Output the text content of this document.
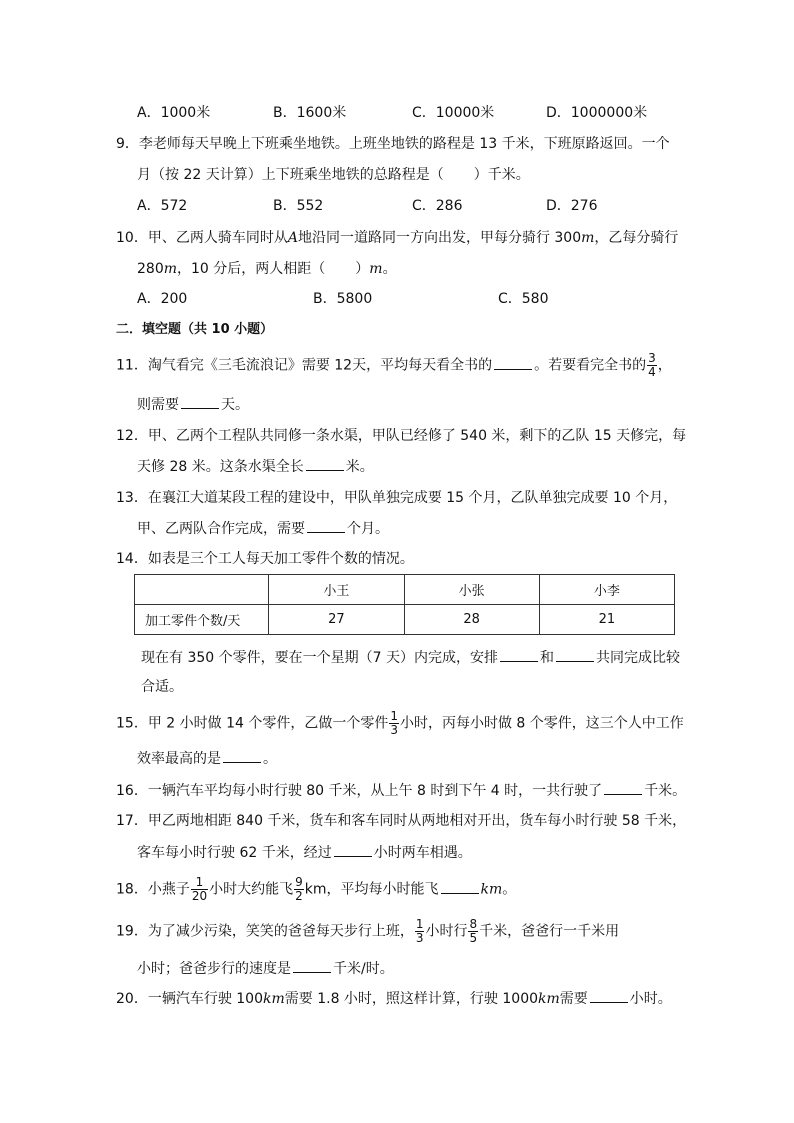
A．1000米	B．1600米	C．10000米	D．1000000米
9．李老师每天早晚上下班乘坐地铁。上班坐地铁的路程是 13 千米，下班原路返回。一个
月（按 22 天计算）上下班乘坐地铁的总路程是（ ）千米。
A．572	B．552	C．286	D．276
10．甲、乙两人骑车同时从A地沿同一道路同一方向出发，甲每分骑行 300m，乙每分骑行
280m，10 分后，两人相距（ ）m。
A．200	B．5800	C．580
二．填空题（共 10 小题）
11．淘气看完《三毛流浪记》需要 12天，平均每天看全书的	。若要看完全书的 $\frac{3}{4}$ ，
则需要	天。
12．甲、乙两个工程队共同修一条水渠，甲队已经修了 540 米，剩下的乙队 15 天修完，每
天修 28 米。这条水渠全长	米。
13．在襄江大道某段工程的建设中，甲队单独完成要 15 个月，乙队单独完成要 10 个月，
甲、乙两队合作完成，需要	个月。
14．如表是三个工人每天加工零件个数的情况。
	小王	小张	小李
加工零件个数/天	27	28	21
现在有 350 个零件，要在一个星期（7 天）内完成，安排	和	共同完成比较
合适。
15．甲 2 小时做 14 个零件，乙做一个零件 $\frac{1}{3}$ 小时，丙每小时做 8 个零件，这三个人中工作
效率最高的是	。
16．一辆汽车平均每小时行驶 80 千米，从上午 8 时到下午 4 时，一共行驶了	千米。
17．甲乙两地相距 840 千米，货车和客车同时从两地相对开出，货车每小时行驶 58 千米，
客车每小时行驶 62 千米，经过	小时两车相遇。
18．小燕子 $\frac{1}{20}$ 小时大约能飞 $\frac{9}{2}$ km，平均每小时能飞	km。
19．为了减少污染，笑笑的爸爸每天步行上班， $\frac{1}{3}$ 小时行 $\frac{8}{5}$ 千米，爸爸行一千米用
小时；爸爸步行的速度是	千米/时。
20．一辆汽车行驶 100km需要 1.8 小时，照这样计算，行驶 1000km需要	小时。
